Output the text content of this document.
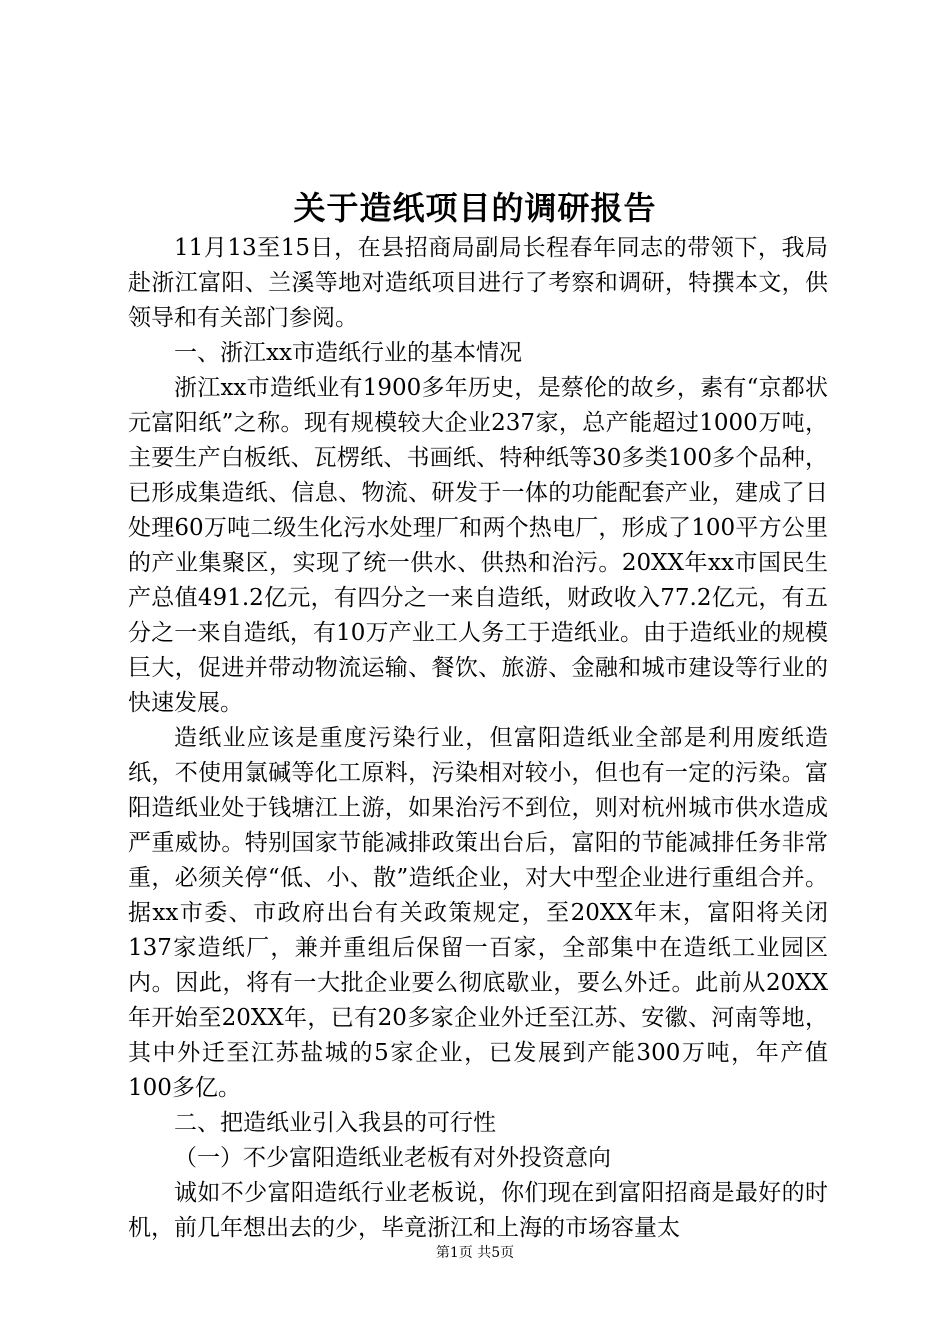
关于造纸项目的调研报告

11月13至15日，在县招商局副局长程春年同志的带领下，我局赴浙江富阳、兰溪等地对造纸项目进行了考察和调研，特撰本文，供领导和有关部门参阅。

一、浙江xx市造纸行业的基本情况

浙江xx市造纸业有1900多年历史，是蔡伦的故乡，素有“京都状元富阳纸”之称。现有规模较大企业237家，总产能超过1000万吨，主要生产白板纸、瓦楞纸、书画纸、特种纸等30多类100多个品种，已形成集造纸、信息、物流、研发于一体的功能配套产业，建成了日处理60万吨二级生化污水处理厂和两个热电厂，形成了100平方公里的产业集聚区，实现了统一供水、供热和治污。20XX年xx市国民生产总值491.2亿元，有四分之一来自造纸，财政收入77.2亿元，有五分之一来自造纸，有10万产业工人务工于造纸业。由于造纸业的规模巨大，促进并带动物流运输、餐饮、旅游、金融和城市建设等行业的快速发展。

造纸业应该是重度污染行业，但富阳造纸业全部是利用废纸造纸，不使用氯碱等化工原料，污染相对较小，但也有一定的污染。富阳造纸业处于钱塘江上游，如果治污不到位，则对杭州城市供水造成严重威协。特别国家节能减排政策出台后，富阳的节能减排任务非常重，必须关停“低、小、散”造纸企业，对大中型企业进行重组合并。据xx市委、市政府出台有关政策规定，至20XX年末，富阳将关闭137家造纸厂，兼并重组后保留一百家，全部集中在造纸工业园区内。因此，将有一大批企业要么彻底歇业，要么外迁。此前从20XX年开始至20XX年，已有20多家企业外迁至江苏、安徽、河南等地，其中外迁至江苏盐城的5家企业，已发展到产能300万吨，年产值100多亿。

二、把造纸业引入我县的可行性

（一）不少富阳造纸业老板有对外投资意向

诚如不少富阳造纸行业老板说，你们现在到富阳招商是最好的时机，前几年想出去的少，毕竟浙江和上海的市场容量太

第1页 共5页
